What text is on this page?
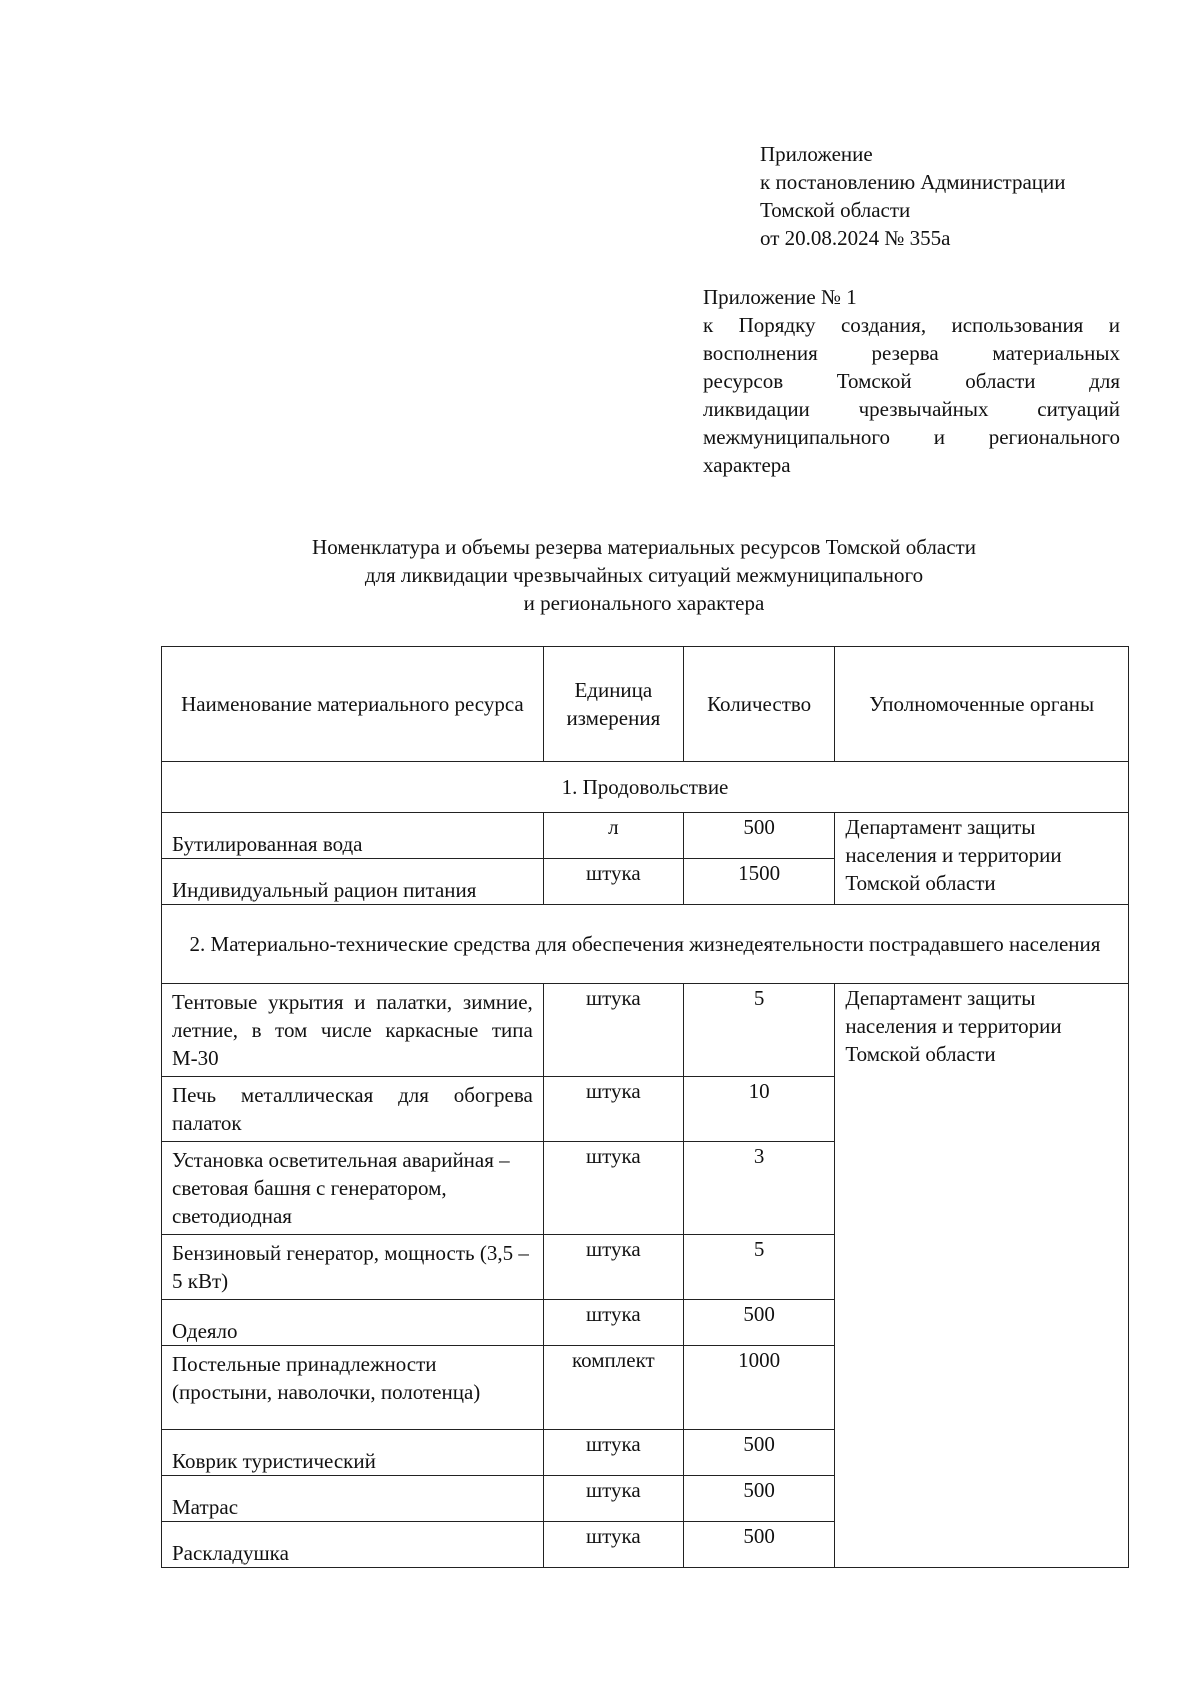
Приложение
к постановлению Администрации
Томской области
от 20.08.2024 № 355а
Приложение № 1
к Порядку создания, использования и
восполнения резерва материальных
ресурсов Томской области для
ликвидации чрезвычайных ситуаций
межмуниципального и регионального
характера
Номенклатура и объемы резерва материальных ресурсов Томской области
для ликвидации чрезвычайных ситуаций межмуниципального
и регионального характера
Наименование материального ресурса	Единица измерения	Количество	Уполномоченные органы
1. Продовольствие			
Бутилированная вода	л	500	Департамент защиты населения и территории Томской области
Индивидуальный рацион питания	штука	1500	
2. Материально-технические средства для обеспечения жизнедеятельности пострадавшего населения			
Тентовые укрытия и палатки, зимние, летние, в том числе каркасные типа М-30	штука	5	Департамент защиты населения и территории Томской области
Печь металлическая для обогрева палаток	штука	10	
Установка осветительная аварийная – световая башня с генератором, светодиодная	штука	3	
Бензиновый генератор, мощность (3,5 – 5 кВт)	штука	5	
Одеяло	штука	500	
Постельные принадлежности (простыни, наволочки, полотенца)	комплект	1000	
Коврик туристический	штука	500	
Матрас	штука	500	
Раскладушка	штука	500	
